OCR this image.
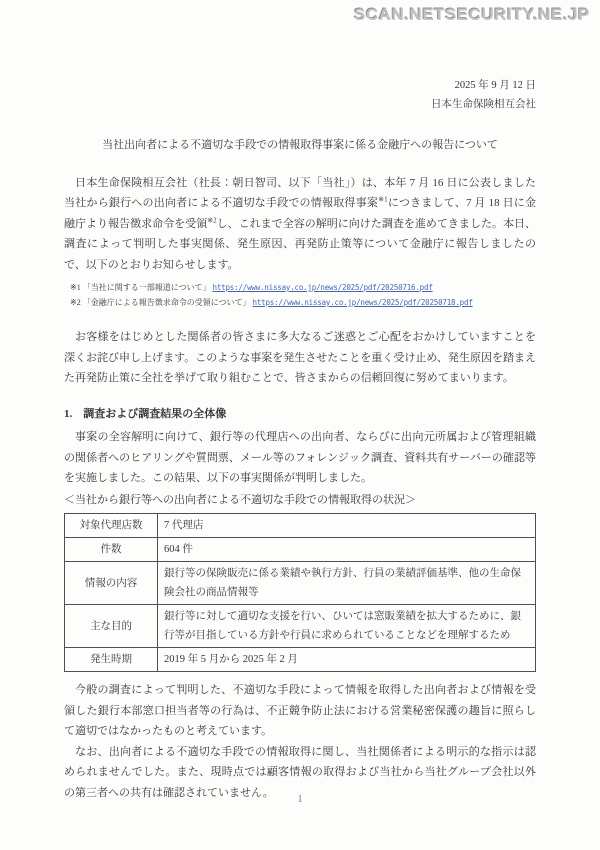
SCAN.NETSECURITY.NE.JP
2025 年 9 月 12 日
日本生命保険相互会社
当社出向者による不適切な手段での情報取得事案に係る金融庁への報告について

日本生命保険相互会社（社長：朝日智司、以下「当社」）は、本年 7 月 16 日に公表しました当社から銀行への出向者による不適切な手段での情報取得事案$^{※1}$につきまして、7 月 18 日に金融庁より報告徴求命令を受領$^{※2}$し、これまで全容の解明に向けた調査を進めてきました。本日、調査によって判明した事実関係、発生原因、再発防止策等について金融庁に報告しましたので、以下のとおりお知らせします。

※1 「当社に関する一部報道について」 https://www.nissay.co.jp/news/2025/pdf/20250716.pdf
※2 「金融庁による報告徴求命令の受領について」 https://www.nissay.co.jp/news/2025/pdf/20250718.pdf

お客様をはじめとした関係者の皆さまに多大なるご迷惑とご心配をおかけしていますことを深くお詫び申し上げます。このような事案を発生させたことを重く受け止め、発生原因を踏まえた再発防止策に全社を挙げて取り組むことで、皆さまからの信頼回復に努めてまいります。

1.　調査および調査結果の全体像

事案の全容解明に向けて、銀行等の代理店への出向者、ならびに出向元所属および管理組織の関係者へのヒアリングや質問票、メール等のフォレンジック調査、資料共有サーバーの確認等を実施しました。この結果、以下の事実関係が判明しました。

＜当社から銀行等への出向者による不適切な手段での情報取得の状況＞
対象代理店数	7 代理店
件数	604 件
情報の内容	銀行等の保険販売に係る業績や執行方針、行員の業績評価基準、他の生命保険会社の商品情報等
主な目的	銀行等に対して適切な支援を行い、ひいては窓販業績を拡大するために、銀行等が目指している方針や行員に求められていることなどを理解するため
発生時期	2019 年 5 月から 2025 年 2 月

今般の調査によって判明した、不適切な手段によって情報を取得した出向者および情報を受領した銀行本部窓口担当者等の行為は、不正競争防止法における営業秘密保護の趣旨に照らして適切ではなかったものと考えています。

なお、出向者による不適切な手段での情報取得に関し、当社関係者による明示的な指示は認められませんでした。また、現時点では顧客情報の取得および当社から当社グループ会社以外の第三者への共有は確認されていません。

1
